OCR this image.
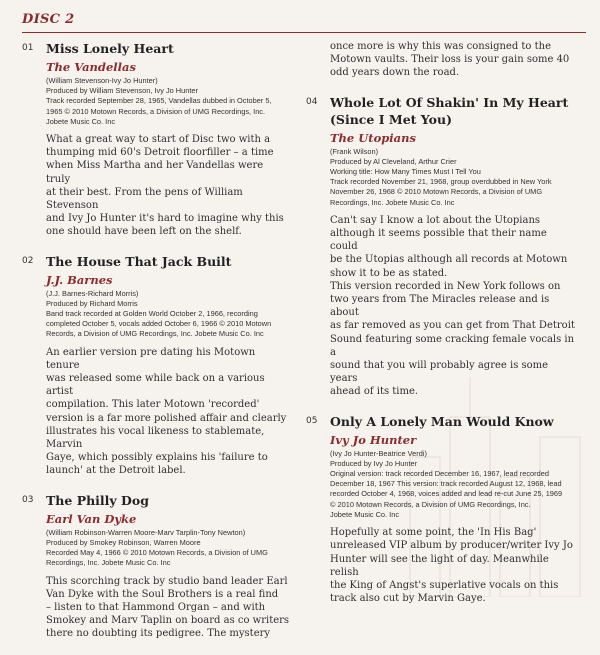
DISC 2
01 Miss Lonely Heart

The Vandellas

(William Stevenson-Ivy Jo Hunter)
Produced by William Stevenson, Ivy Jo Hunter
Track recorded September 28, 1965, Vandellas dubbed in October 5,
1965 © 2010 Motown Records, a Division of UMG Recordings, Inc.
Jobete Music Co. Inc

What a great way to start of Disc two with a
thumping mid 60's Detroit floorfiller – a time
when Miss Martha and her Vandellas were truly
at their best. From the pens of William Stevenson
and Ivy Jo Hunter it's hard to imagine why this
one should have been left on the shelf.

02 The House That Jack Built

J.J. Barnes

(J.J. Barnes-Richard Morris)
Produced by Richard Morris
Band track recorded at Golden World October 2, 1966, recording
completed October 5, vocals added October 6, 1966 © 2010 Motown
Records, a Division of UMG Recordings, Inc. Jobete Music Co. Inc

An earlier version pre dating his Motown tenure
was released some while back on a various artist
compilation. This later Motown 'recorded'
version is a far more polished affair and clearly
illustrates his vocal likeness to stablemate, Marvin
Gaye, which possibly explains his 'failure to
launch' at the Detroit label.

03 The Philly Dog

Earl Van Dyke

(William Robinson-Warren Moore-Marv Tarplin-Tony Newton)
Produced by Smokey Robinson, Warren Moore
Recorded May 4, 1966 © 2010 Motown Records, a Division of UMG
Recordings, Inc. Jobete Music Co. Inc

This scorching track by studio band leader Earl
Van Dyke with the Soul Brothers is a real find
– listen to that Hammond Organ – and with
Smokey and Marv Taplin on board as co writers
there no doubting its pedigree. The mystery

once more is why this was consigned to the
Motown vaults. Their loss is your gain some 40
odd years down the road.

04 Whole Lot Of Shakin' In My Heart (Since I Met You)

The Utopians

(Frank Wilson)
Produced by Al Cleveland, Arthur Crier
Working title: How Many Times Must I Tell You
Track recorded November 21, 1968, group overdubbed in New York
November 26, 1968 © 2010 Motown Records, a Division of UMG
Recordings, Inc. Jobete Music Co. Inc

Can't say I know a lot about the Utopians
although it seems possible that their name could
be the Utopias although all records at Motown
show it to be as stated.
This version recorded in New York follows on
two years from The Miracles release and is about
as far removed as you can get from That Detroit
Sound featuring some cracking female vocals in a
sound that you will probably agree is some years
ahead of its time.

05 Only A Lonely Man Would Know

Ivy Jo Hunter

(Ivy Jo Hunter-Beatrice Verdi)
Produced by Ivy Jo Hunter
Original version: track recorded December 16, 1967, lead recorded
December 18, 1967 This version: track recorded August 12, 1968, lead
recorded October 4, 1968, voices added and lead re-cut June 25, 1969
© 2010 Motown Records, a Division of UMG Recordings, Inc.
Jobete Music Co. Inc

Hopefully at some point, the 'In His Bag'
unreleased VIP album by producer/writer Ivy Jo
Hunter will see the light of day. Meanwhile relish
the King of Angst's superlative vocals on this
track also cut by Marvin Gaye.
